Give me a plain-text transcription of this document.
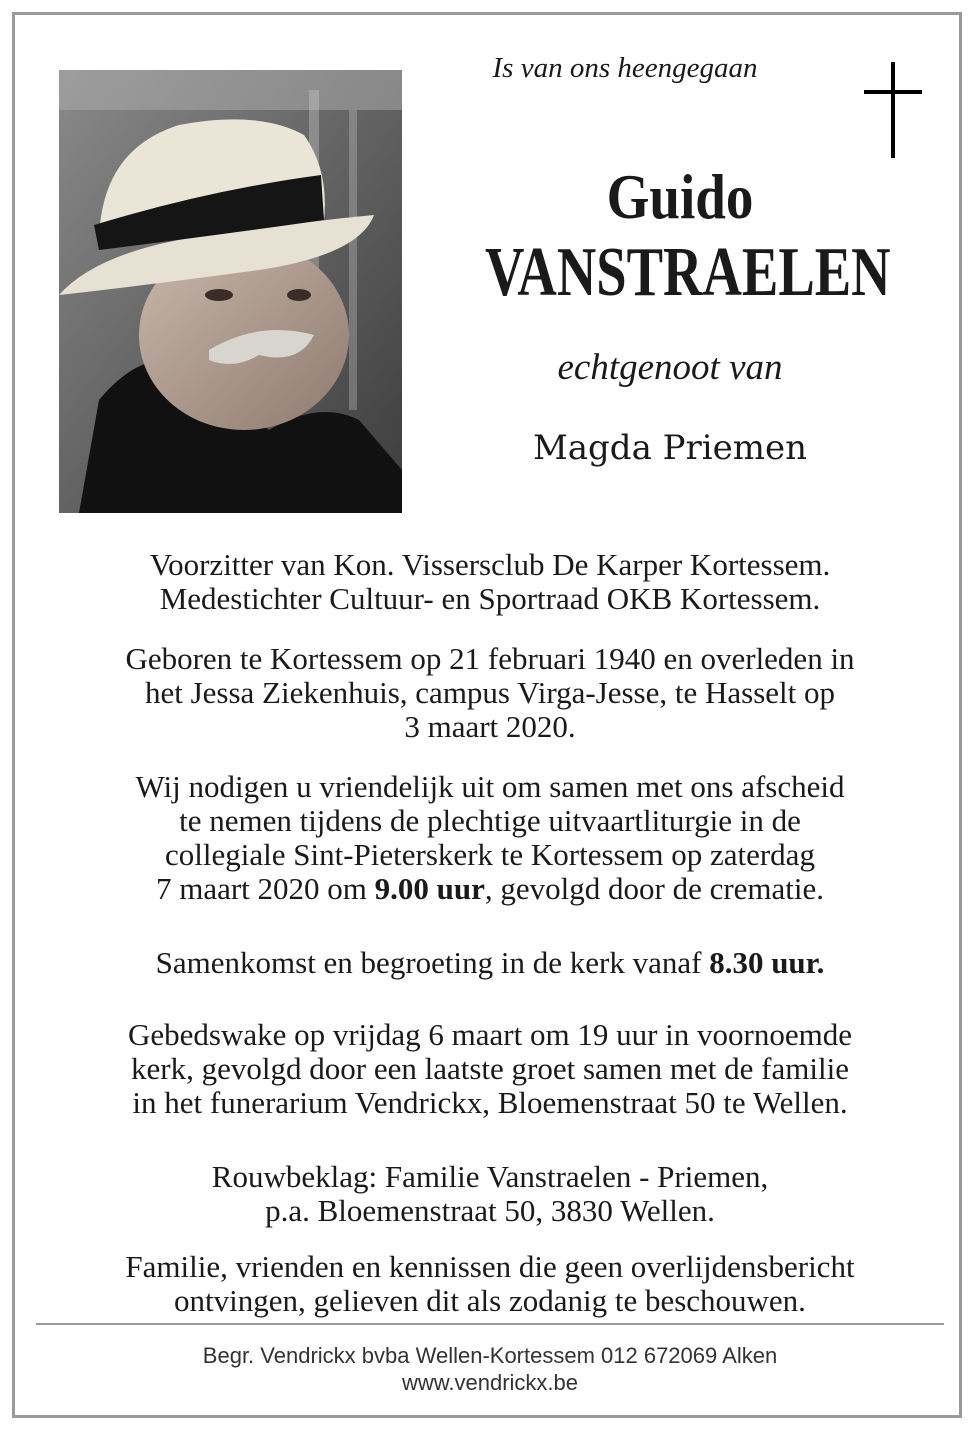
Is van ons heengegaan
Guido
VANSTRAELEN
echtgenoot van
Magda Priemen

Voorzitter van Kon. Vissersclub De Karper Kortessem.

Medestichter Cultuur- en Sportraad OKB Kortessem.

Geboren te Kortessem op 21 februari 1940 en overleden in

het Jessa Ziekenhuis, campus Virga-Jesse, te Hasselt op

3 maart 2020.

Wij nodigen u vriendelijk uit om samen met ons afscheid

te nemen tijdens de plechtige uitvaartliturgie in de

collegiale Sint-Pieterskerk te Kortessem op zaterdag

7 maart 2020 om 9.00 uur, gevolgd door de crematie.

Samenkomst en begroeting in de kerk vanaf 8.30 uur.

Gebedswake op vrijdag 6 maart om 19 uur in voornoemde

kerk, gevolgd door een laatste groet samen met de familie

in het funerarium Vendrickx, Bloemenstraat 50 te Wellen.

Rouwbeklag: Familie Vanstraelen - Priemen,

p.a. Bloemenstraat 50, 3830 Wellen.

Familie, vrienden en kennissen die geen overlijdensbericht

ontvingen, gelieven dit als zodanig te beschouwen.

Begr. Vendrickx bvba Wellen-Kortessem 012 672069 Alken
www.vendrickx.be
